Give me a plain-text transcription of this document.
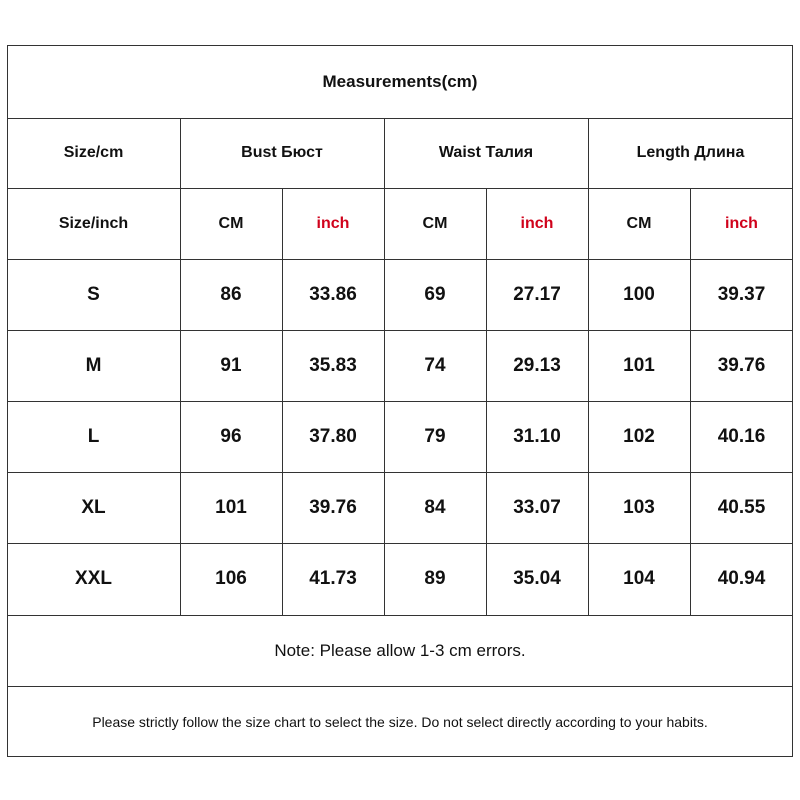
Measurements(cm)
Size/cm	Bust Бюст	Waist Талия	Length Длина
Size/inch	CM	inch	CM	inch	CM	inch
S	86	33.86	69	27.17	100	39.37
M	91	35.83	74	29.13	101	39.76
L	96	37.80	79	31.10	102	40.16
XL	101	39.76	84	33.07	103	40.55
XXL	106	41.73	89	35.04	104	40.94
Note: Please allow 1-3 cm errors.
Please strictly follow the size chart to select the size. Do not select directly according to your habits.
